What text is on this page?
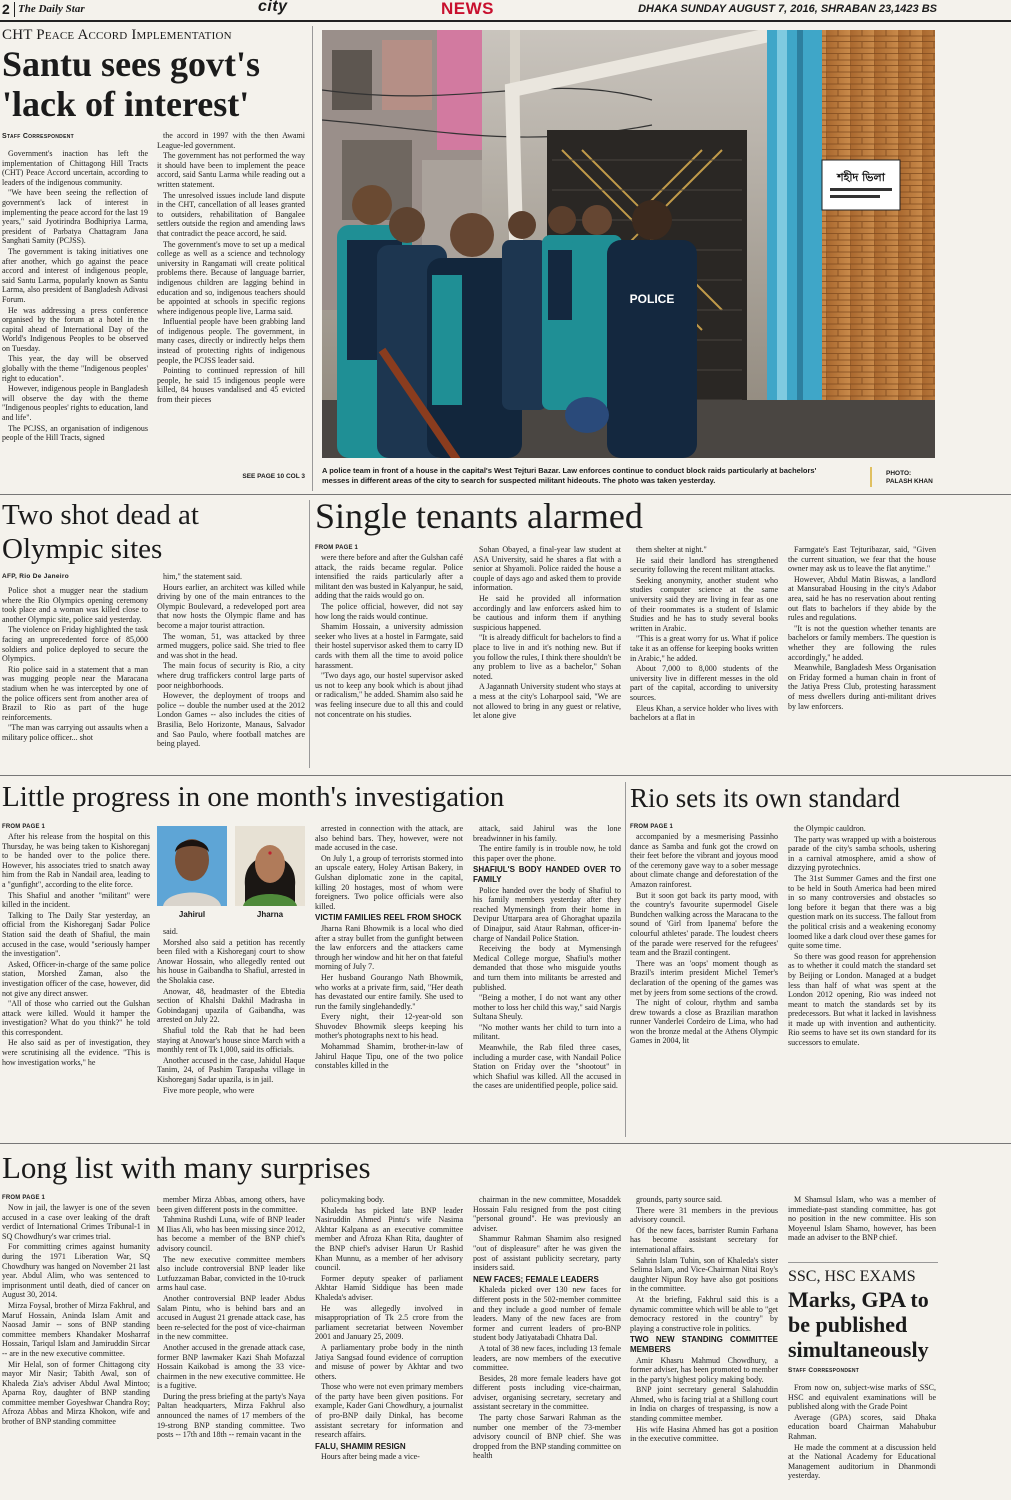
2 The Daily Star	city	NEWS	DHAKA SUNDAY AUGUST 7, 2016, SHRABAN 23,1423 BS
CHT Peace Accord Implementation
Santu sees govt's
'lack of interest'
Staff Correspondent

Government's inaction has left the implementation of Chittagong Hill Tracts (CHT) Peace Accord uncertain, according to leaders of the indigenous community.

"We have been seeing the reflection of government's lack of interest in implementing the peace accord for the last 19 years," said Jyotirindra Bodhipriya Larma, president of Parbatya Chattagram Jana Sanghati Samity (PCJSS).

The government is taking initiatives one after another, which go against the peace accord and interest of indigenous people, said Santu Larma, popularly known as Santu Larma, also president of Bangladesh Adivasi Forum.

He was addressing a press conference organised by the forum at a hotel in the capital ahead of International Day of the World's Indigenous Peoples to be observed on Tuesday.

This year, the day will be observed globally with the theme "Indigenous peoples' right to education".

However, indigenous people in Bangladesh will observe the day with the theme "Indigenous peoples' rights to education, land and life".

The PCJSS, an organisation of indigenous people of the Hill Tracts, signed

the accord in 1997 with the then Awami League-led government.

The government has not performed the way it should have been to implement the peace accord, said Santu Larma while reading out a written statement.

The unresolved issues include land dispute in the CHT, cancellation of all leases granted to outsiders, rehabilitation of Bangalee settlers outside the region and amending laws that contradict the peace accord, he said.

The government's move to set up a medical college as well as a science and technology university in Rangamati will create political problems there. Because of language barrier, indigenous children are lagging behind in education and so, indigenous teachers should be appointed at schools in specific regions where indigenous people live, Larma said.

Influential people have been grabbing land of indigenous people. The government, in many cases, directly or indirectly helps them instead of protecting rights of indigenous people, the PCJSS leader said.

Pointing to continued repression of hill people, he said 15 indigenous people were killed, 84 houses vandalised and 45 evicted from their pieces

SEE PAGE 10 COL 3
শহীদ ভিলা
POLICE
A police team in front of a house in the capital's West Tejturi Bazar. Law enforces continue to conduct block raids particularly at bachelors' messes in different areas of the city to search for suspected militant hideouts. The photo was taken yesterday.
PHOTO:
PALASH KHAN
Two shot dead at
Olympic sites
AFP, Rio De Janeiro

Police shot a mugger near the stadium where the Rio Olympics opening ceremony took place and a woman was killed close to another Olympic site, police said yesterday.

The violence on Friday highlighted the task facing an unprecedented force of 85,000 soldiers and police deployed to secure the Olympics.

Rio police said in a statement that a man was mugging people near the Maracana stadium when he was intercepted by one of the police officers sent from another area of Brazil to Rio as part of the huge reinforcements.

"The man was carrying out assaults when a military police officer... shot

him," the statement said.

Hours earlier, an architect was killed while driving by one of the main entrances to the Olympic Boulevard, a redeveloped port area that now hosts the Olympic flame and has become a major tourist attraction.

The woman, 51, was attacked by three armed muggers, police said. She tried to flee and was shot in the head.

The main focus of security is Rio, a city where drug traffickers control large parts of poor neighborhoods.

However, the deployment of troops and police -- double the number used at the 2012 London Games -- also includes the cities of Brasilia, Belo Horizonte, Manaus, Salvador and Sao Paulo, where football matches are being played.

Single tenants alarmed
FROM PAGE 1

were there before and after the Gulshan café attack, the raids became regular. Police intensified the raids particularly after a militant den was busted in Kalyanpur, he said, adding that the raids would go on.

The police official, however, did not say how long the raids would continue.

Shamim Hossain, a university admission seeker who lives at a hostel in Farmgate, said their hostel supervisor asked them to carry ID cards with them all the time to avoid police harassment.

"Two days ago, our hostel supervisor asked us not to keep any book which is about jihad or radicalism," he added. Shamim also said he was feeling insecure due to all this and could not concentrate on his studies.

Sohan Obayed, a final-year law student at ASA University, said he shares a flat with a senior at Shyamoli. Police raided the house a couple of days ago and asked them to provide information.

He said he provided all information accordingly and law enforcers asked him to be cautious and inform them if anything suspicious happened.

"It is already difficult for bachelors to find a place to live in and it's nothing new. But if you follow the rules, I think there shouldn't be any problem to live as a bachelor," Sohan noted.

A Jagannath University student who stays at a mess at the city's Loharpool said, "We are not allowed to bring in any guest or relative, let alone give

them shelter at night."

He said their landlord has strengthened security following the recent militant attacks.

Seeking anonymity, another student who studies computer science at the same university said they are living in fear as one of their roommates is a student of Islamic Studies and he has to study several books written in Arabic.

"This is a great worry for us. What if police take it as an offense for keeping books written in Arabic," he added.

About 7,000 to 8,000 students of the university live in different messes in the old part of the capital, according to university sources.

Eleus Khan, a service holder who lives with bachelors at a flat in

Farmgate's East Tejturibazar, said, "Given the current situation, we fear that the house owner may ask us to leave the flat anytime."

However, Abdul Matin Biswas, a landlord at Mansurabad Housing in the city's Adabor area, said he has no reservation about renting out flats to bachelors if they abide by the rules and regulations.

"It is not the question whether tenants are bachelors or family members. The question is whether they are following the rules accordingly," he added.

Meanwhile, Bangladesh Mess Organisation on Friday formed a human chain in front of the Jatiya Press Club, protesting harassment of mess dwellers during anti-militant drives by law enforcers.

Little progress in one month's investigation
FROM PAGE 1

After his release from the hospital on this Thursday, he was being taken to Kishoreganj to be handed over to the police there. However, his associates tried to snatch away him from the Rab in Nandail area, leading to a "gunfight", according to the elite force.

This Shafiul and another "militant" were killed in the incident.

Talking to The Daily Star yesterday, an official from the Kishoreganj Sadar Police Station said the death of Shafiul, the main accused in the case, would "seriously hamper the investigation".

Asked, Officer-in-charge of the same police station, Morshed Zaman, also the investigation officer of the case, however, did not give any direct answer.

"All of those who carried out the Gulshan attack were killed. Would it hamper the investigation? What do you think?" he told this correspondent.

He also said as per of investigation, they were scrutinising all the evidence. "This is how investigation works," he

Jahirul	Jharna

said.

Morshed also said a petition has recently been filed with a Kishoreganj court to show Anowar Hossain, who allegedly rented out his house in Gaibandha to Shafiul, arrested in the Sholakia case.

Anowar, 48, headmaster of the Ebtedia section of Khalshi Dakhil Madrasha in Gobindaganj upazila of Gaibandha, was arrested on July 22.

Shafiul told the Rab that he had been staying at Anowar's house since March with a monthly rent of Tk 1,000, said its officials.

Another accused in the case, Jahidul Haque Tanim, 24, of Pashim Tarapasha village in Kishoreganj Sadar upazila, is in jail.

Five more people, who were

arrested in connection with the attack, are also behind bars. They, however, were not made accused in the case.

On July 1, a group of terrorists stormed into an upscale eatery, Holey Artisan Bakery, in Gulshan diplomatic zone in the capital, killing 20 hostages, most of whom were foreigners. Two police officials were also killed.

VICTIM FAMILIES REEL FROM SHOCK

Jharna Rani Bhowmik is a local who died after a stray bullet from the gunfight between the law enforcers and the attackers came through her window and hit her on that fateful morning of July 7.

Her husband Gourango Nath Bhowmik, who works at a private firm, said, "Her death has devastated our entire family. She used to run the family singlehandedly."

Every night, their 12-year-old son Shuvodev Bhowmik sleeps keeping his mother's photographs next to his head.

Mohammad Shamim, brother-in-law of Jahirul Haque Tipu, one of the two police constables killed in the

attack, said Jahirul was the lone breadwinner in his family.

The entire family is in trouble now, he told this paper over the phone.

SHAFIUL'S BODY HANDED OVER TO FAMILY

Police handed over the body of Shafiul to his family members yesterday after they reached Mymensingh from their home in Devipur Uttarpara area of Ghoraghat upazila of Dinajpur, said Ataur Rahman, officer-in-charge of Nandail Police Station.

Receiving the body at Mymensingh Medical College morgue, Shafiul's mother demanded that those who misguide youths and turn them into militants be arrested and published.

"Being a mother, I do not want any other mother to loss her child this way," said Nargis Sultana Sheuly.

"No mother wants her child to turn into a militant.

Meanwhile, the Rab filed three cases, including a murder case, with Nandail Police Station on Friday over the "shootout" in which Shafiul was killed. All the accused in the cases are unidentified people, police said.

Rio sets its own standard
FROM PAGE 1

accompanied by a mesmerising Passinho dance as Samba and funk got the crowd on their feet before the vibrant and joyous mood of the ceremony gave way to a sober message about climate change and deforestation of the Amazon rainforest.

But it soon got back its party mood, with the country's favourite supermodel Gisele Bundchen walking across the Maracana to the sound of 'Girl from Ipanema' before the colourful athletes' parade. The loudest cheers of the parade were reserved for the refugees' team and the Brazil contingent.

There was an 'oops' moment though as Brazil's interim president Michel Temer's declaration of the opening of the games was met by jeers from some sections of the crowd.

The night of colour, rhythm and samba drew towards a close as Brazilian marathon runner Vanderlei Cordeiro de Lima, who had won the bronze medal at the Athens Olympic Games in 2004, lit

the Olympic cauldron.

The party was wrapped up with a boisterous parade of the city's samba schools, ushering in a carnival atmosphere, amid a show of dizzying pyrotechnics.

The 31st Summer Games and the first one to be held in South America had been mired in so many controversies and obstacles so long before it began that there was a big question mark on its success. The fallout from the political crisis and a weakening economy loomed like a dark cloud over these games for quite some time.

So there was good reason for apprehension as to whether it could match the standard set by Beijing or London. Managed at a budget less than half of what was spent at the London 2012 opening, Rio was indeed not meant to match the standards set by its predecessors. But what it lacked in lavishness it made up with invention and authenticity. Rio seems to have set its own standard for its successors to emulate.

Long list with many surprises
FROM PAGE 1

Now in jail, the lawyer is one of the seven accused in a case over leaking of the draft verdict of International Crimes Tribunal-1 in SQ Chowdhury's war crimes trial.

For committing crimes against humanity during the 1971 Liberation War, SQ Chowdhury was hanged on November 21 last year. Abdul Alim, who was sentenced to imprisonment until death, died of cancer on August 30, 2014.

Mirza Foysal, brother of Mirza Fakhrul, and Maruf Hossain, Aninda Islam Amit and Naosad Jamir -- sons of BNP standing committee members Khandaker Mosharraf Hossain, Tariqul Islam and Jamiruddin Sircar -- are in the new executive committee.

Mir Helal, son of former Chittagong city mayor Mir Nasir; Tabith Awal, son of Khaleda Zia's adviser Abdul Awal Mintoo; Aparna Roy, daughter of BNP standing committee member Goyeshwar Chandra Roy; Afroza Abbas and Mirza Khokon, wife and brother of BNP standing committee

member Mirza Abbas, among others, have been given different posts in the committee.

Tahmina Rushdi Luna, wife of BNP leader M Ilias Ali, who has been missing since 2012, has become a member of the BNP chief's advisory council.

The new executive committee members also include controversial BNP leader like Lutfuzzaman Babar, convicted in the 10-truck arms haul case.

Another controversial BNP leader Abdus Salam Pintu, who is behind bars and an accused in August 21 grenade attack case, has been re-selected for the post of vice-chairman in the new committee.

Another accused in the grenade attack case, former BNP lawmaker Kazi Shah Mofazzal Hossain Kaikobad is among the 33 vice-chairmen in the new executive committee. He is a fugitive.

During the press briefing at the party's Naya Paltan headquarters, Mirza Fakhrul also announced the names of 17 members of the 19-strong BNP standing committee. Two posts -- 17th and 18th -- remain vacant in the

policymaking body.

Khaleda has picked late BNP leader Nasiruddin Ahmed Pintu's wife Nasima Akhtar Kalpana as an executive committee member and Afroza Khan Rita, daughter of the BNP chief's adviser Harun Ur Rashid Khan Munnu, as a member of her advisory council.

Former deputy speaker of parliament Akhtar Hamid Siddique has been made Khaleda's adviser.

He was allegedly involved in misappropriation of Tk 2.5 crore from the parliament secretariat between November 2001 and January 25, 2009.

A parliamentary probe body in the ninth Jatiya Sangsad found evidence of corruption and misuse of power by Akhtar and two others.

Those who were not even primary members of the party have been given positions. For example, Kader Gani Chowdhury, a journalist of pro-BNP daily Dinkal, has become assistant secretary for information and research affairs.

FALU, SHAMIM RESIGN

Hours after being made a vice-

chairman in the new committee, Mosaddek Hossain Falu resigned from the post citing "personal ground". He was previously an adviser.

Shammur Rahman Shamim also resigned "out of displeasure" after he was given the post of assistant publicity secretary, party insiders said.

NEW FACES; FEMALE LEADERS

Khaleda picked over 130 new faces for different posts in the 502-member committee and they include a good number of female leaders. Many of the new faces are from former and current leaders of pro-BNP student body Jatiyatabadi Chhatra Dal.

A total of 38 new faces, including 13 female leaders, are now members of the executive committee.

Besides, 28 more female leaders have got different posts including vice-chairman, adviser, organising secretary, secretary and assistant secretary in the committee.

The party chose Sarwari Rahman as the number one member of the 73-member advisory council of BNP chief. She was dropped from the BNP standing committee on health

grounds, party source said.

There were 31 members in the previous advisory council.

Of the new faces, barrister Rumin Farhana has become assistant secretary for international affairs.

Sahrin Islam Tuhin, son of Khaleda's sister Selima Islam, and Vice-Chairman Nitai Roy's daughter Nipun Roy have also got positions in the committee.

At the briefing, Fakhrul said this is a dynamic committee which will be able to "get democracy restored in the country" by playing a constructive role in politics.

TWO NEW STANDING COMMITTEE MEMBERS

Amir Khasru Mahmud Chowdhury, a former adviser, has been promoted to member in the party's highest policy making body.

BNP joint secretary general Salahuddin Ahmed, who is facing trial at a Shillong court in India on charges of trespassing, is now a standing committee member.

His wife Hasina Ahmed has got a position in the executive committee.

M Shamsul Islam, who was a member of immediate-past standing committee, has got no position in the new committee. His son Moyeenul Islam Shamo, however, has been made an adviser to the BNP chief.

SSC, HSC EXAMS
Marks, GPA to
be published
simultaneously
Staff Correspondent

From now on, subject-wise marks of SSC, HSC and equivalent examinations will be published along with the Grade Point

Average (GPA) scores, said Dhaka education board Chairman Mahabubur Rahman.

He made the comment at a discussion held at the National Academy for Educational Management auditorium in Dhanmondi yesterday.
